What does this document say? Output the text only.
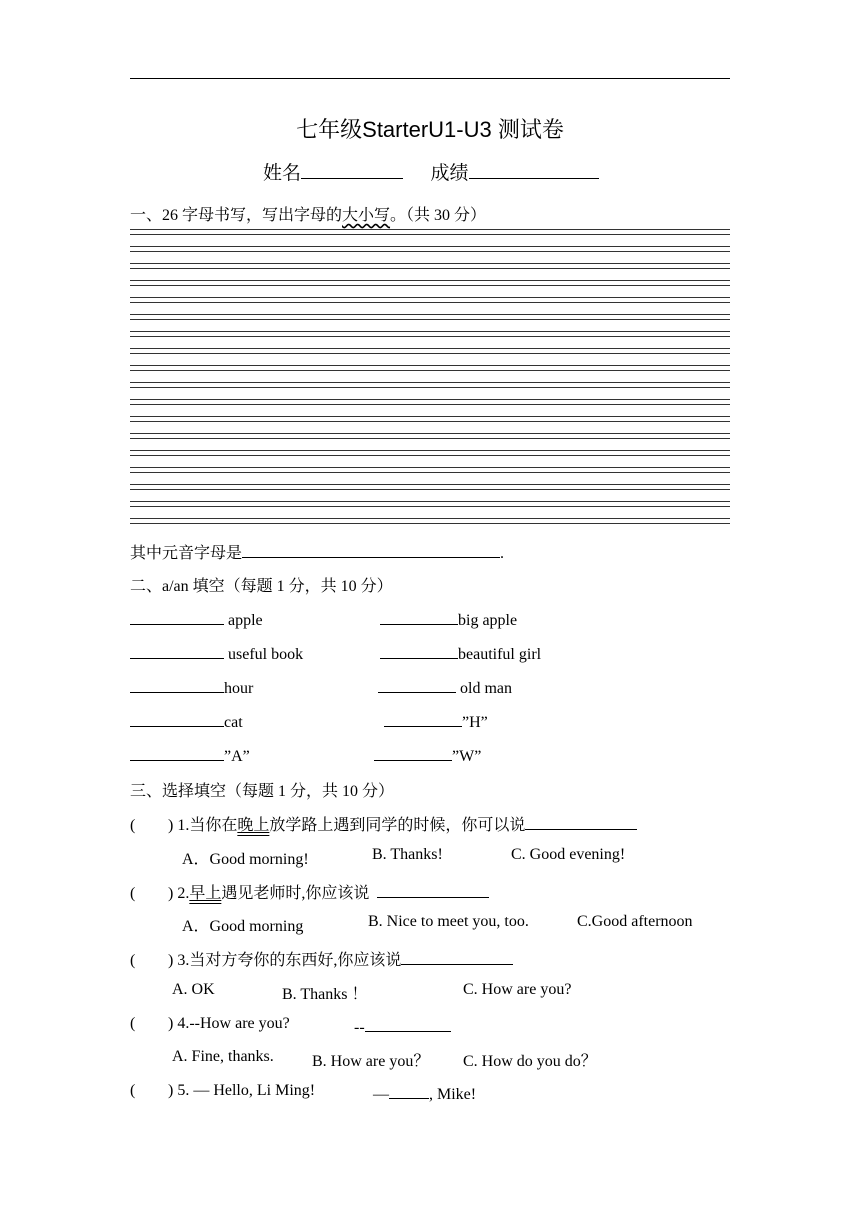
七年级StarterU1-U3 测试卷
姓名	成绩
一、26 字母书写，写出字母的大小写。（共 30 分）
其中元音字母是	.
二、a/an 填空（每题 1 分，共 10 分）
apple	big apple
useful book	beautiful girl
hour	old man
cat	”H”
”A”	”W”
三、选择填空（每题 1 分，共 10 分）
( ) 1.当你在晚上放学路上遇到同学的时候，你可以说
A．Good morning!	B. Thanks!	C. Good evening!
( ) 2.早上遇见老师时,你应该说
A．Good morning	B. Nice to meet you, too.	C.Good afternoon
( ) 3.当对方夸你的东西好,你应该说
A. OK	B. Thanks ！	C. How are you?
( ) 4.--How are you?	--
A. Fine, thanks. B. How are you？ C. How do you do？
( ) 5. — Hello, Li Ming!	—	, Mike!
